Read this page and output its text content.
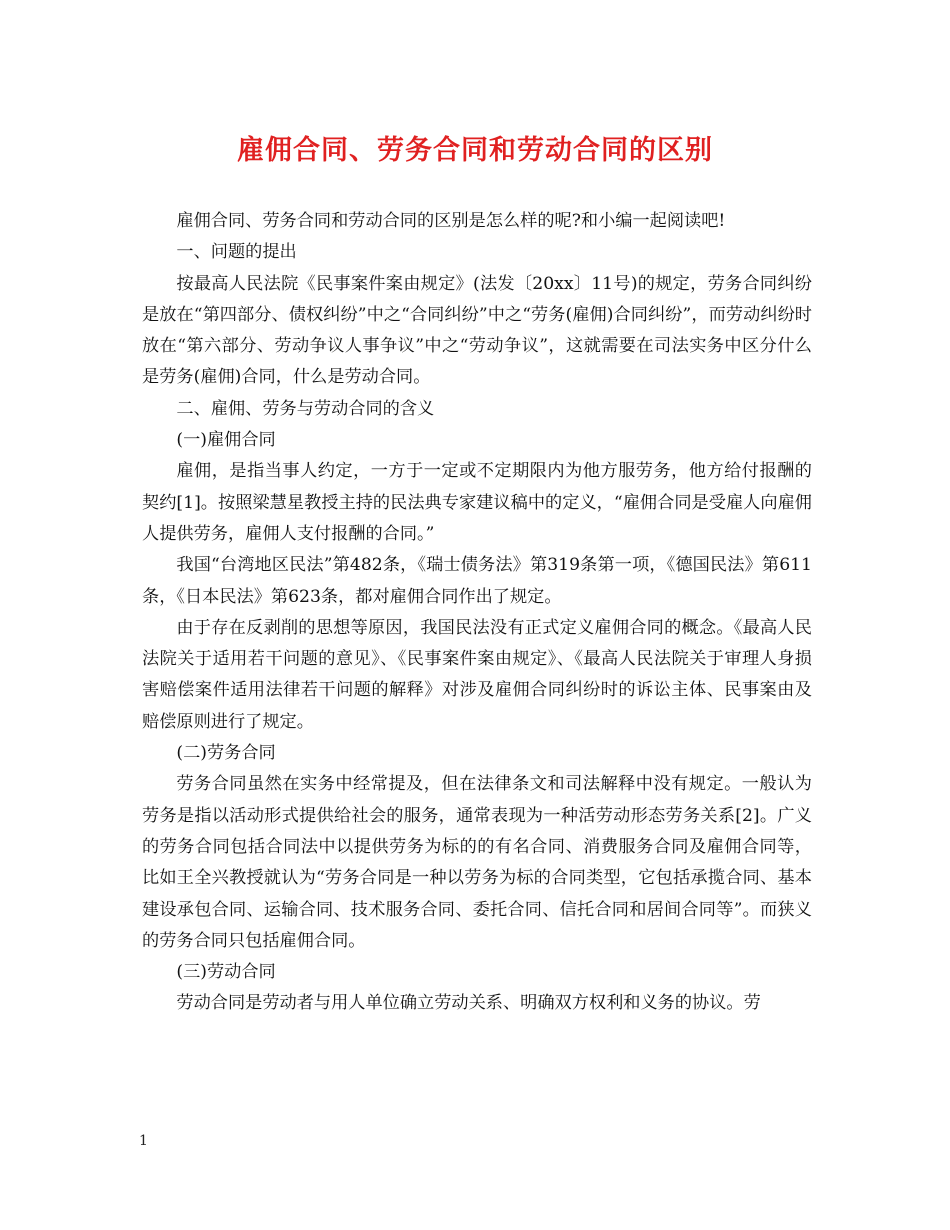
雇佣合同、劳务合同和劳动合同的区别

雇佣合同、劳务合同和劳动合同的区别是怎么样的呢?和小编一起阅读吧!

一、问题的提出

按最高人民法院《民事案件案由规定》(法发〔20xx〕11号)的规定，劳务合同纠纷是放在“第四部分、债权纠纷”中之“合同纠纷”中之“劳务(雇佣)合同纠纷”，而劳动纠纷时放在“第六部分、劳动争议人事争议”中之“劳动争议”，这就需要在司法实务中区分什么是劳务(雇佣)合同，什么是劳动合同。

二、雇佣、劳务与劳动合同的含义

(一)雇佣合同

雇佣，是指当事人约定，一方于一定或不定期限内为他方服劳务，他方给付报酬的契约[1]。按照梁慧星教授主持的民法典专家建议稿中的定义，“雇佣合同是受雇人向雇佣人提供劳务，雇佣人支付报酬的合同。”

我国“台湾地区民法”第482条，《瑞士债务法》第319条第一项，《德国民法》第611条，《日本民法》第623条，都对雇佣合同作出了规定。

由于存在反剥削的思想等原因，我国民法没有正式定义雇佣合同的概念。《最高人民法院关于适用若干问题的意见》、《民事案件案由规定》、《最高人民法院关于审理人身损害赔偿案件适用法律若干问题的解释》对涉及雇佣合同纠纷时的诉讼主体、民事案由及赔偿原则进行了规定。

(二)劳务合同

劳务合同虽然在实务中经常提及，但在法律条文和司法解释中没有规定。一般认为劳务是指以活动形式提供给社会的服务，通常表现为一种活劳动形态劳务关系[2]。广义的劳务合同包括合同法中以提供劳务为标的的有名合同、消费服务合同及雇佣合同等，比如王全兴教授就认为“劳务合同是一种以劳务为标的合同类型，它包括承揽合同、基本建设承包合同、运输合同、技术服务合同、委托合同、信托合同和居间合同等”。而狭义的劳务合同只包括雇佣合同。

(三)劳动合同

劳动合同是劳动者与用人单位确立劳动关系、明确双方权利和义务的协议。劳

1
